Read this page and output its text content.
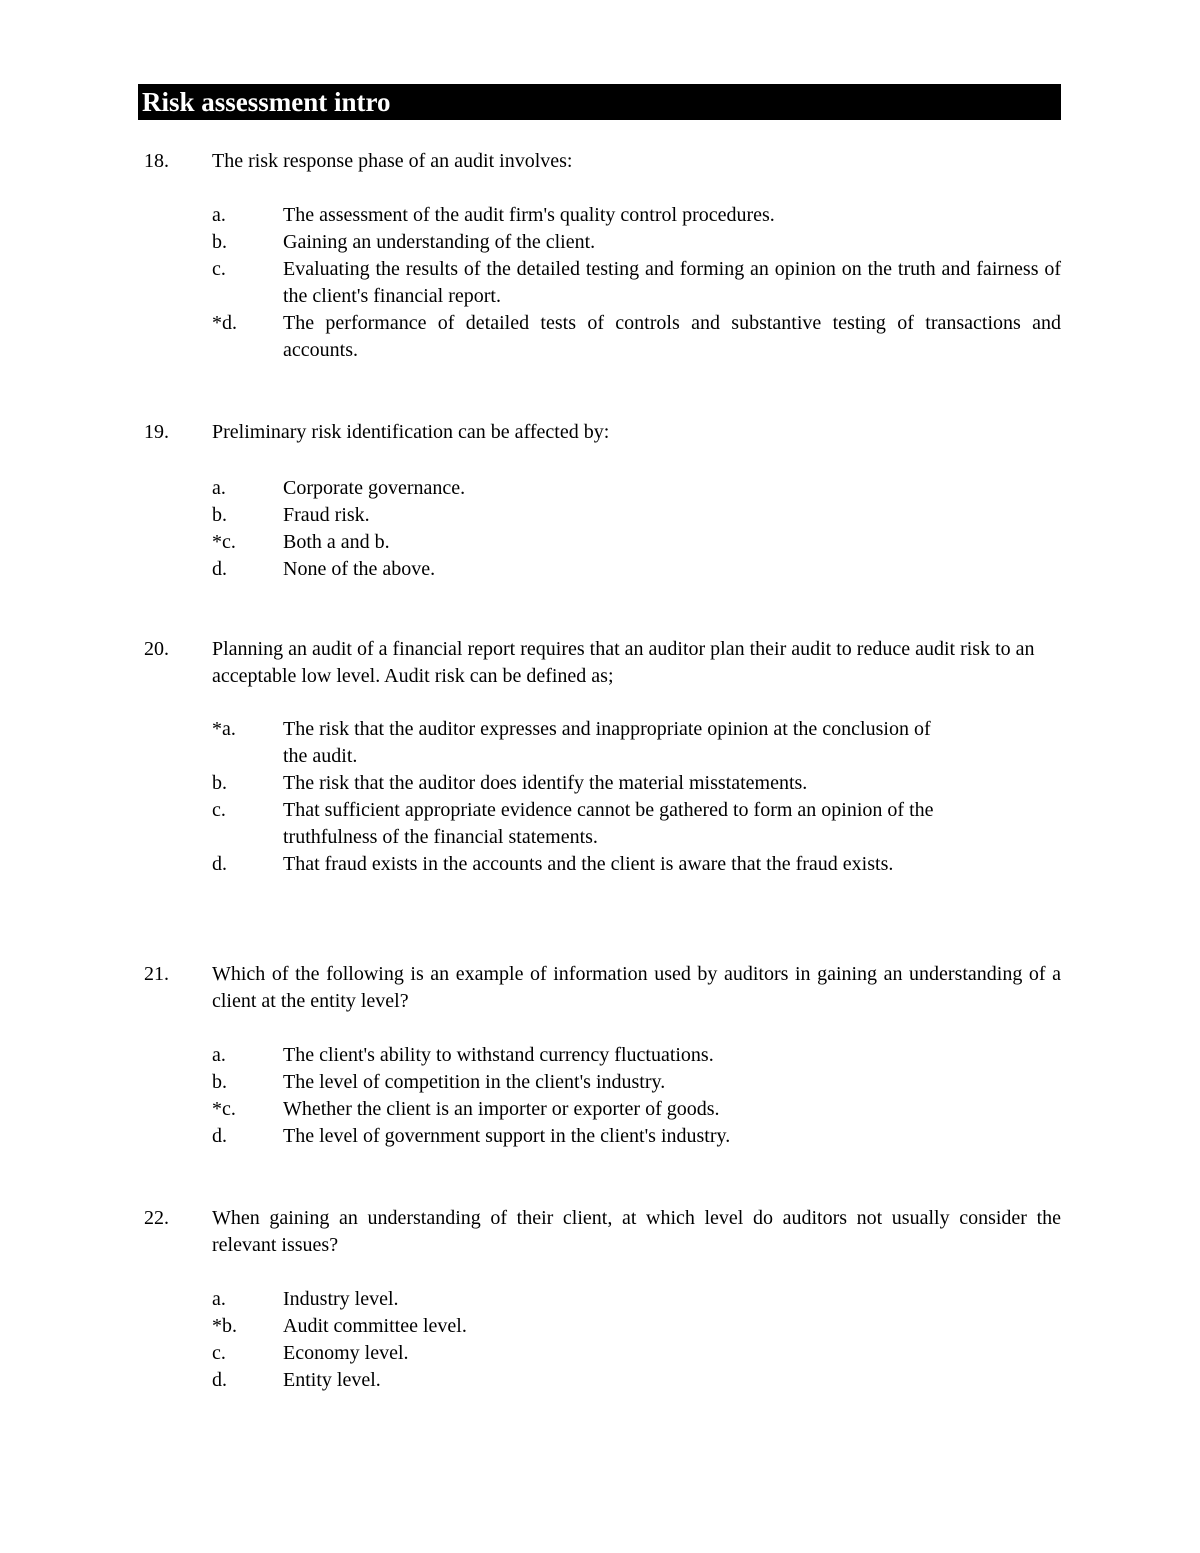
Risk assessment intro
18. The risk response phase of an audit involves:
a.	The assessment of the audit firm's quality control procedures.
b.	Gaining an understanding of the client.
c.	Evaluating the results of the detailed testing and forming an opinion on the truth and fairness of the client's financial report.
*d. The performance of detailed tests of controls and substantive testing of transactions and accounts.
19. Preliminary risk identification can be affected by:
a.	Corporate governance.
b.	Fraud risk.
*c. Both a and b.
d.	None of the above.
20. Planning an audit of a financial report requires that an auditor plan their audit to reduce audit risk to an acceptable low level. Audit risk can be defined as;
*a. The risk that the auditor expresses and inappropriate opinion at the conclusion of the audit.
b.	The risk that the auditor does identify the material misstatements.
c.	That sufficient appropriate evidence cannot be gathered to form an opinion of the truthfulness of the financial statements.
d.	That fraud exists in the accounts and the client is aware that the fraud exists.
21. Which of the following is an example of information used by auditors in gaining an understanding of a client at the entity level?
a.	The client's ability to withstand currency fluctuations.
b.	The level of competition in the client's industry.
*c. Whether the client is an importer or exporter of goods.
d.	The level of government support in the client's industry.
22. When gaining an understanding of their client, at which level do auditors not usually consider the relevant issues?
a.	Industry level.
*b. Audit committee level.
c.	Economy level.
d.	Entity level.
